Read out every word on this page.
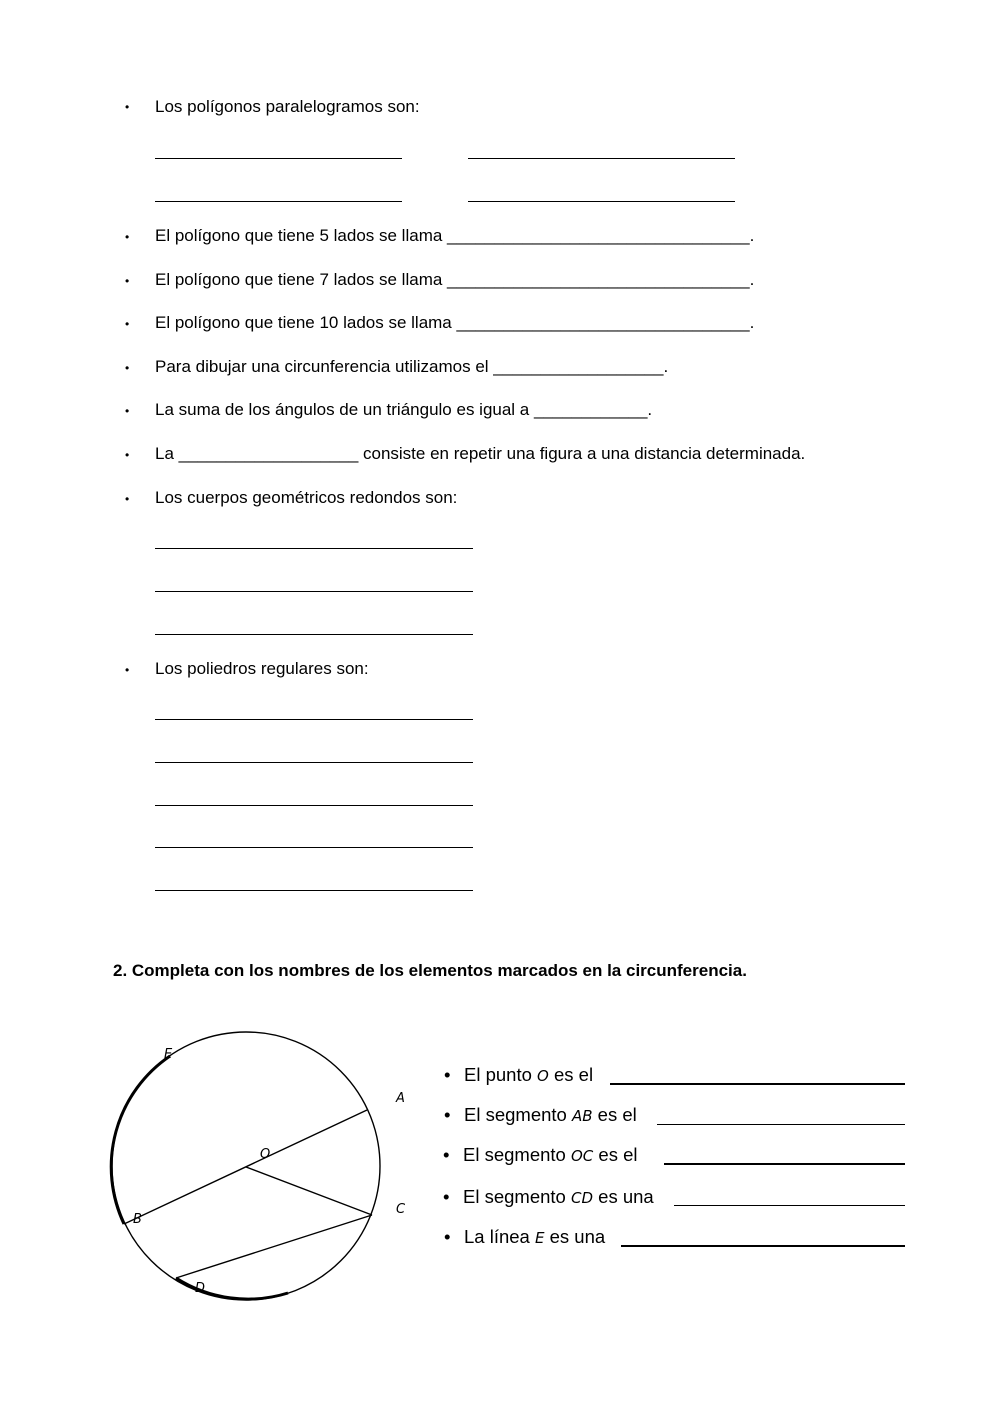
• Los polígonos paralelogramos son:
• El polígono que tiene 5 lados se llama ________________________________.
• El polígono que tiene 7 lados se llama ________________________________.
• El polígono que tiene 10 lados se llama _______________________________.
• Para dibujar una circunferencia utilizamos el __________________.
• La suma de los ángulos de un triángulo es igual a ____________.
• La ___________________ consiste en repetir una figura a una distancia determinada.
• Los cuerpos geométricos redondos son:
• Los poliedros regulares son:
2. Completa con los nombres de los elementos marcados en la circunferencia.
E
A
O
C
B
D
• El punto O es el
• El segmento AB es el
• El segmento OC es el
• El segmento CD es una
• La línea E es una
